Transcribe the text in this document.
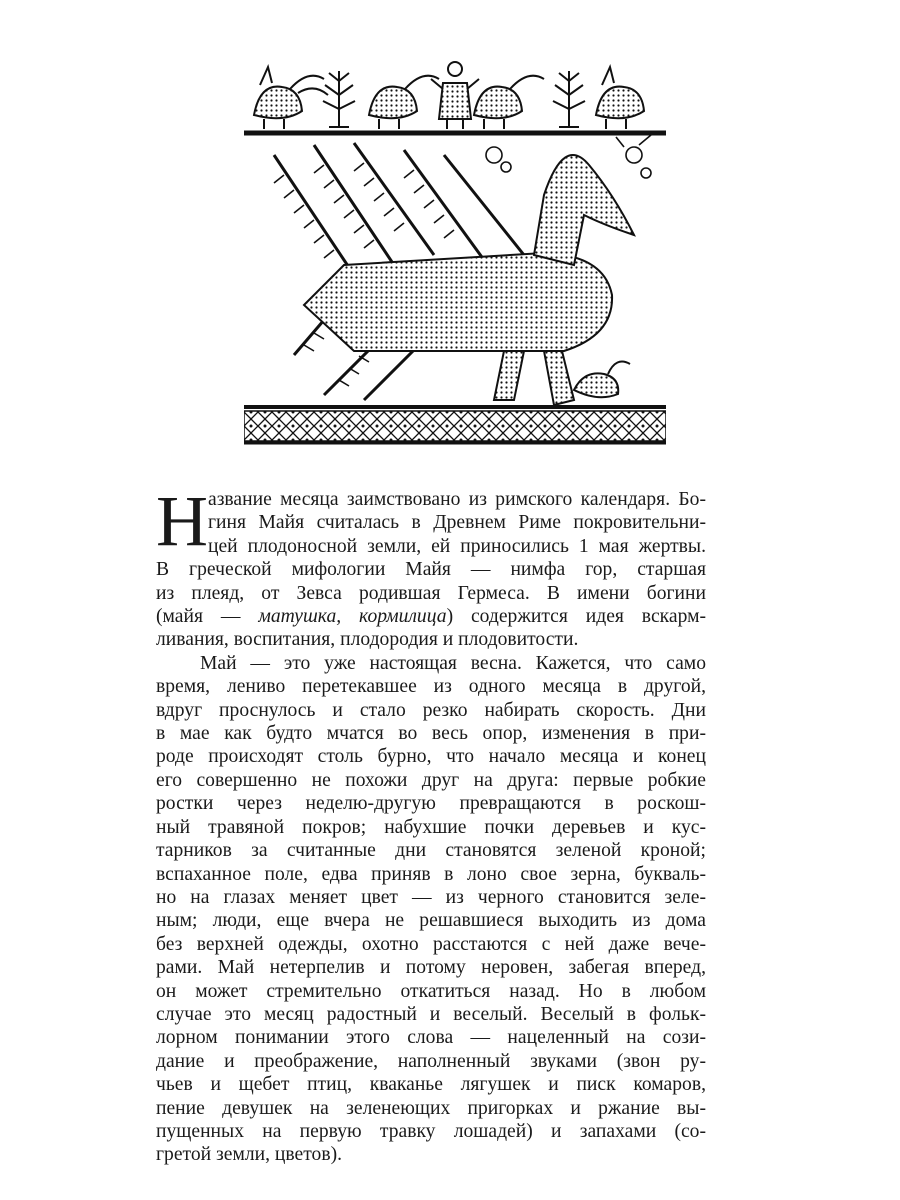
Н азвание месяца заимствовано из римского календаря. Бо-
гиня Майя считалась в Древнем Риме покровительни-
цей плодоносной земли, ей приносились 1 мая жертвы.
В греческой мифологии Майя — нимфа гор, старшая
из плеяд, от Зевса родившая Гермеса. В имени богини
(майя — матушка, кормилица) содержится идея вскарм-
ливания, воспитания, плодородия и плодовитости.
Май — это уже настоящая весна. Кажется, что само
время, лениво перетекавшее из одного месяца в другой,
вдруг проснулось и стало резко набирать скорость. Дни
в мае как будто мчатся во весь опор, изменения в при-
роде происходят столь бурно, что начало месяца и конец
его совершенно не похожи друг на друга: первые робкие
ростки через неделю-другую превращаются в роскош-
ный травяной покров; набухшие почки деревьев и кус-
тарников за считанные дни становятся зеленой кроной;
вспаханное поле, едва приняв в лоно свое зерна, букваль-
но на глазах меняет цвет — из черного становится зеле-
ным; люди, еще вчера не решавшиеся выходить из дома
без верхней одежды, охотно расстаются с ней даже вече-
рами. Май нетерпелив и потому неровен, забегая вперед,
он может стремительно откатиться назад. Но в любом
случае это месяц радостный и веселый. Веселый в фольк-
лорном понимании этого слова — нацеленный на сози-
дание и преображение, наполненный звуками (звон ру-
чьев и щебет птиц, кваканье лягушек и писк комаров,
пение девушек на зеленеющих пригорках и ржание вы-
пущенных на первую травку лошадей) и запахами (со-
гретой земли, цветов).
